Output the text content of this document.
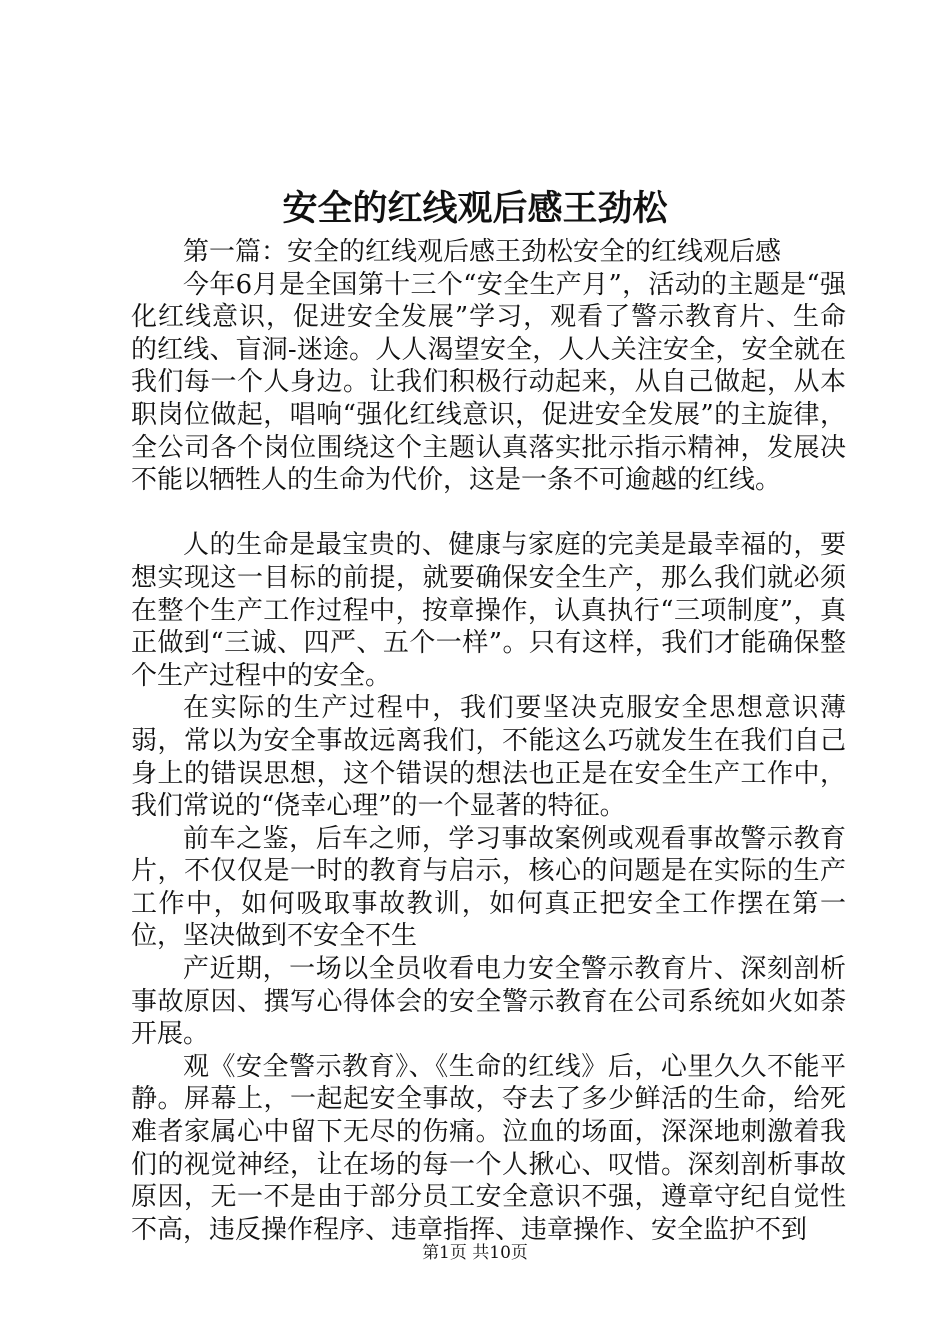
安全的红线观后感王劲松

第一篇：安全的红线观后感王劲松安全的红线观后感

今年6月是全国第十三个“安全生产月”，活动的主题是“强化红线意识，促进安全发展”学习，观看了警示教育片、生命的红线、盲洞-迷途。人人渴望安全，人人关注安全，安全就在我们每一个人身边。让我们积极行动起来，从自己做起，从本职岗位做起，唱响“强化红线意识，促进安全发展”的主旋律，全公司各个岗位围绕这个主题认真落实批示指示精神，发展决不能以牺牲人的生命为代价，这是一条不可逾越的红线。

人的生命是最宝贵的、健康与家庭的完美是最幸福的，要想实现这一目标的前提，就要确保安全生产，那么我们就必须在整个生产工作过程中，按章操作，认真执行“三项制度”，真正做到“三诚、四严、五个一样”。只有这样，我们才能确保整个生产过程中的安全。

在实际的生产过程中，我们要坚决克服安全思想意识薄弱，常以为安全事故远离我们，不能这么巧就发生在我们自己身上的错误思想，这个错误的想法也正是在安全生产工作中，我们常说的“侥幸心理”的一个显著的特征。

前车之鉴，后车之师，学习事故案例或观看事故警示教育片，不仅仅是一时的教育与启示，核心的问题是在实际的生产工作中，如何吸取事故教训，如何真正把安全工作摆在第一位，坚决做到不安全不生

产近期，一场以全员收看电力安全警示教育片、深刻剖析事故原因、撰写心得体会的安全警示教育在公司系统如火如荼开展。

观《安全警示教育》、《生命的红线》后，心里久久不能平静。屏幕上，一起起安全事故，夺去了多少鲜活的生命，给死难者家属心中留下无尽的伤痛。泣血的场面，深深地刺激着我们的视觉神经，让在场的每一个人揪心、叹惜。深刻剖析事故原因，无一不是由于部分员工安全意识不强，遵章守纪自觉性不高，违反操作程序、违章指挥、违章操作、安全监护不到

第1页 共10页
